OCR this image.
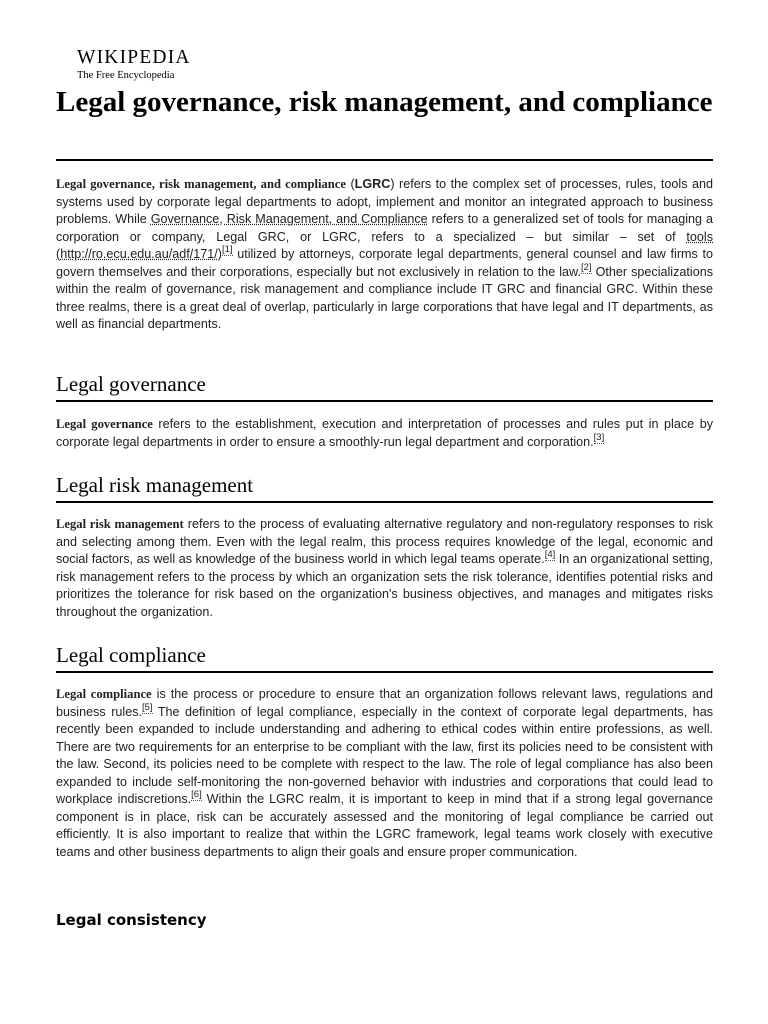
WIKIPEDIA
The Free Encyclopedia
Legal governance, risk management, and compliance

Legal governance, risk management, and compliance (LGRC) refers to the complex set of processes, rules, tools and systems used by corporate legal departments to adopt, implement and monitor an integrated approach to business problems. While Governance, Risk Management, and Compliance refers to a generalized set of tools for managing a corporation or company, Legal GRC, or LGRC, refers to a specialized – but similar – set of tools (http://ro.ecu.edu.au/adf/171/)[1] utilized by attorneys, corporate legal departments, general counsel and law firms to govern themselves and their corporations, especially but not exclusively in relation to the law.[2] Other specializations within the realm of governance, risk management and compliance include IT GRC and financial GRC. Within these three realms, there is a great deal of overlap, particularly in large corporations that have legal and IT departments, as well as financial departments.

Legal governance

Legal governance refers to the establishment, execution and interpretation of processes and rules put in place by corporate legal departments in order to ensure a smoothly-run legal department and corporation.[3]

Legal risk management

Legal risk management refers to the process of evaluating alternative regulatory and non-regulatory responses to risk and selecting among them. Even with the legal realm, this process requires knowledge of the legal, economic and social factors, as well as knowledge of the business world in which legal teams operate.[4] In an organizational setting, risk management refers to the process by which an organization sets the risk tolerance, identifies potential risks and prioritizes the tolerance for risk based on the organization's business objectives, and manages and mitigates risks throughout the organization.

Legal compliance

Legal compliance is the process or procedure to ensure that an organization follows relevant laws, regulations and business rules.[5] The definition of legal compliance, especially in the context of corporate legal departments, has recently been expanded to include understanding and adhering to ethical codes within entire professions, as well. There are two requirements for an enterprise to be compliant with the law, first its policies need to be consistent with the law. Second, its policies need to be complete with respect to the law. The role of legal compliance has also been expanded to include self-monitoring the non-governed behavior with industries and corporations that could lead to workplace indiscretions.[6] Within the LGRC realm, it is important to keep in mind that if a strong legal governance component is in place, risk can be accurately assessed and the monitoring of legal compliance be carried out efficiently. It is also important to realize that within the LGRC framework, legal teams work closely with executive teams and other business departments to align their goals and ensure proper communication.

Legal consistency
